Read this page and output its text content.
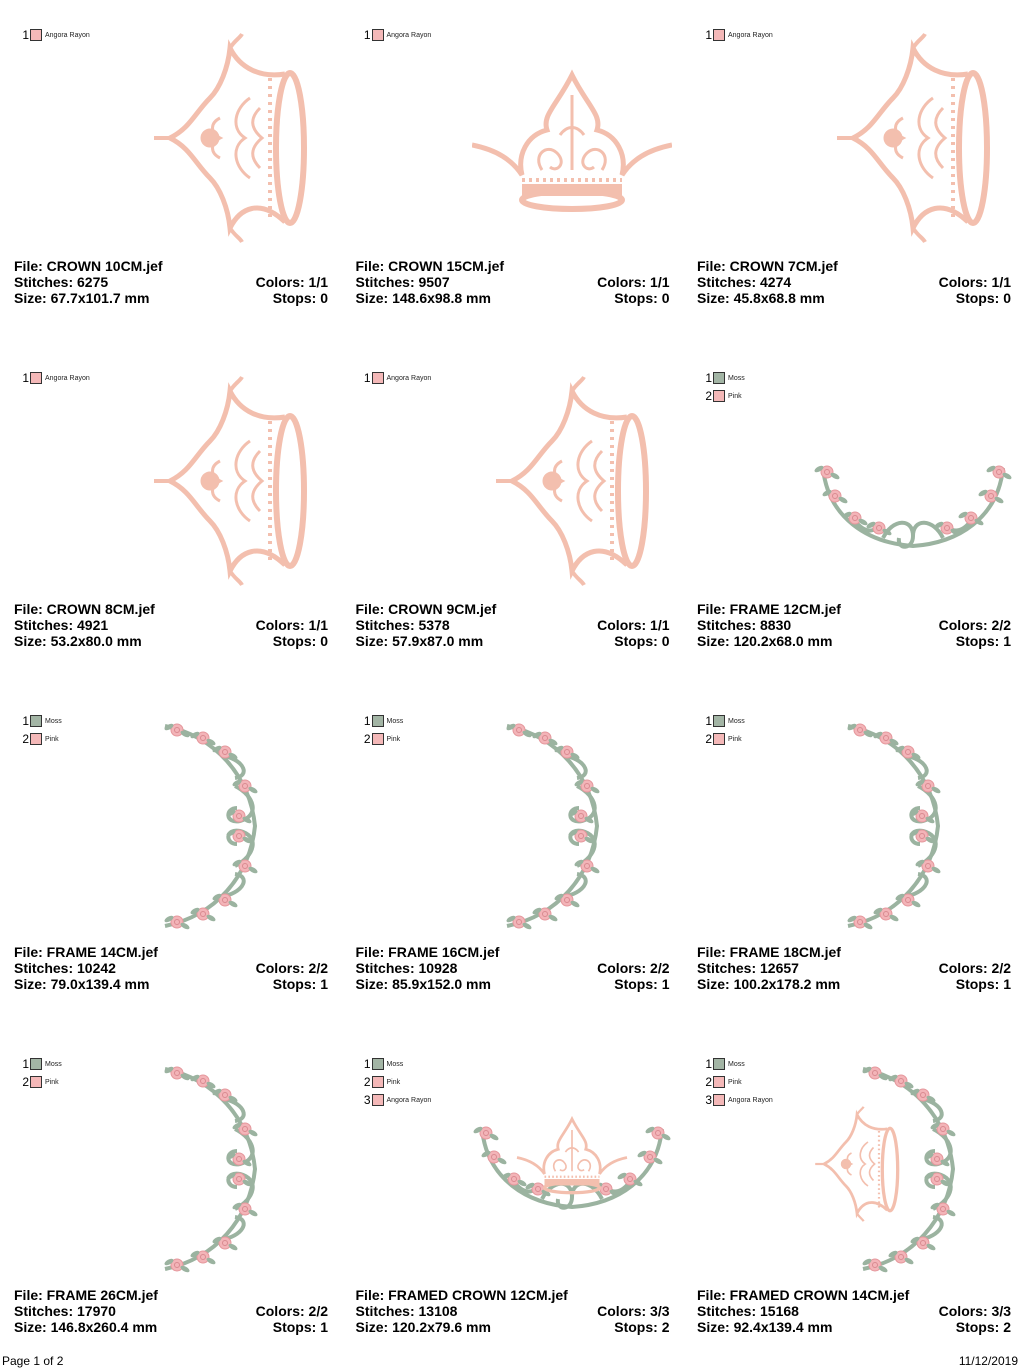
1 Angora Rayon
File: CROWN 10CM.jef
Stitches: 6275	Colors: 1/1
Size: 67.7x101.7 mm	Stops: 0
1 Angora Rayon
File: CROWN 15CM.jef
Stitches: 9507	Colors: 1/1
Size: 148.6x98.8 mm	Stops: 0
1 Angora Rayon
File: CROWN 7CM.jef
Stitches: 4274	Colors: 1/1
Size: 45.8x68.8 mm	Stops: 0
1 Angora Rayon
File: CROWN 8CM.jef
Stitches: 4921	Colors: 1/1
Size: 53.2x80.0 mm	Stops: 0
1 Angora Rayon
File: CROWN 9CM.jef
Stitches: 5378	Colors: 1/1
Size: 57.9x87.0 mm	Stops: 0
1 Moss
2 Pink
File: FRAME 12CM.jef
Stitches: 8830	Colors: 2/2
Size: 120.2x68.0 mm	Stops: 1
1 Moss
2 Pink
File: FRAME 14CM.jef
Stitches: 10242	Colors: 2/2
Size: 79.0x139.4 mm	Stops: 1
1 Moss
2 Pink
File: FRAME 16CM.jef
Stitches: 10928	Colors: 2/2
Size: 85.9x152.0 mm	Stops: 1
1 Moss
2 Pink
File: FRAME 18CM.jef
Stitches: 12657	Colors: 2/2
Size: 100.2x178.2 mm	Stops: 1
1 Moss
2 Pink
File: FRAME 26CM.jef
Stitches: 17970	Colors: 2/2
Size: 146.8x260.4 mm	Stops: 1
1 Moss
2 Pink
3 Angora Rayon
File: FRAMED CROWN 12CM.jef
Stitches: 13108	Colors: 3/3
Size: 120.2x79.6 mm	Stops: 2
1 Moss
2 Pink
3 Angora Rayon
File: FRAMED CROWN 14CM.jef
Stitches: 15168	Colors: 3/3
Size: 92.4x139.4 mm	Stops: 2
Page 1 of 2	11/12/2019
